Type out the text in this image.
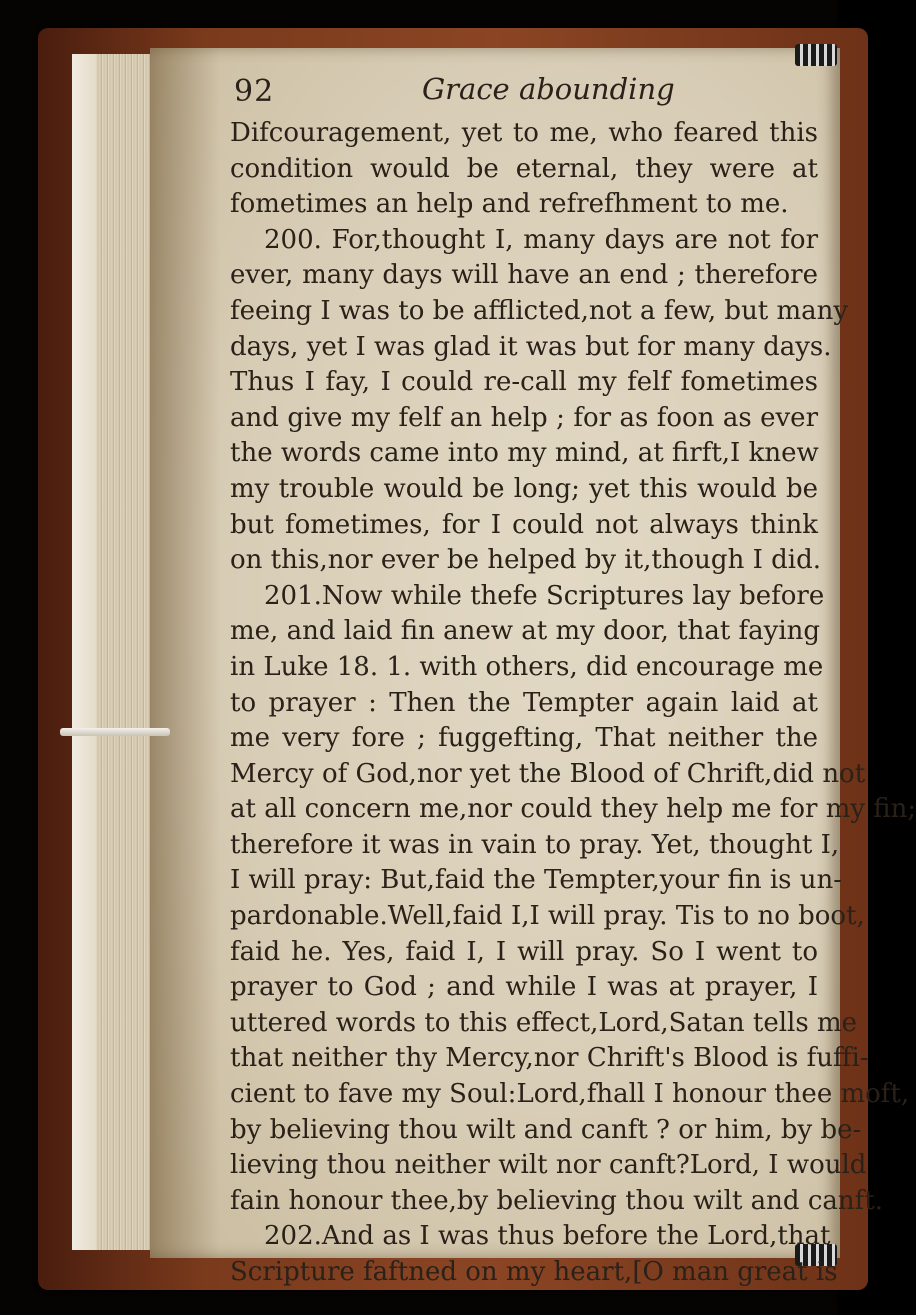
92	Grace abounding
Difcouragement, yet to me, who feared this
condition would be eternal, they were at
fometimes an help and refrefhment to me.
200. For,thought I, many days are not for
ever, many days will have an end ; therefore
feeing I was to be afflicted,not a few, but many
days, yet I was glad it was but for many days.
Thus I fay, I could re-call my felf fometimes
and give my felf an help ; for as foon as ever
the words came into my mind, at firft,I knew
my trouble would be long; yet this would be
but fometimes, for I could not always think
on this,nor ever be helped by it,though I did.
201.Now while thefe Scriptures lay before
me, and laid fin anew at my door, that faying
in Luke 18. 1. with others, did encourage me
to prayer : Then the Tempter again laid at
me very fore ; fuggefting, That neither the
Mercy of God,nor yet the Blood of Chrift,did not
at all concern me,nor could they help me for my fin;
therefore it was in vain to pray. Yet, thought I,
I will pray: But,faid the Tempter,your fin is un-
pardonable.Well,faid I,I will pray. Tis to no boot,
faid he. Yes, faid I, I will pray. So I went to
prayer to God ; and while I was at prayer, I
uttered words to this effect,Lord,Satan tells me
that neither thy Mercy,nor Chrift's Blood is fuffi-
cient to fave my Soul:Lord,fhall I honour thee moft,
by believing thou wilt and canft ? or him, by be-
lieving thou neither wilt nor canft?Lord, I would
fain honour thee,by believing thou wilt and canft.
202.And as I was thus before the Lord,that
Scripture faftned on my heart,[O man great is
